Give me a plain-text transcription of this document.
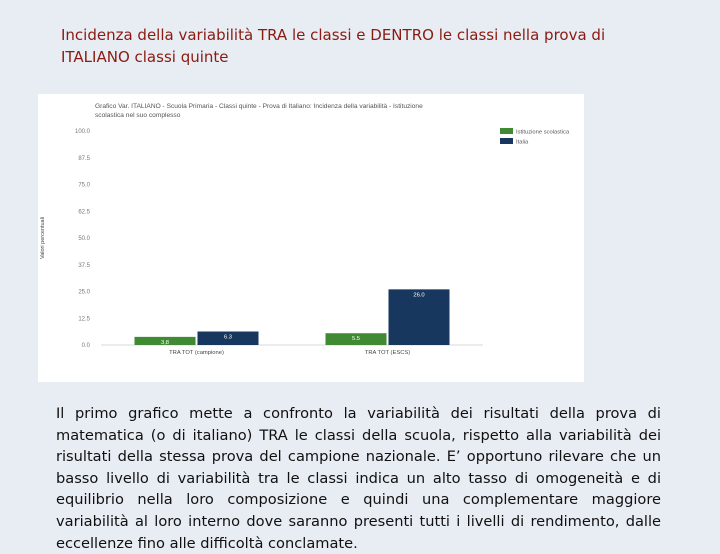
Incidenza della variabilità TRA le classi e DENTRO le classi nella prova di ITALIANO classi quinte
Grafico Var. ITALIANO - Scuola Primaria - Classi quinte - Prova di Italiano: Incidenza della variabilità - Istituzione
scolastica nel suo complesso
Valori percentuali
0.0
12.5
25.0
37.5
50.0
62.5
75.0
87.5
100.0
3,8
6.3
TRA TOT (campione)
5.5
26.0
TRA TOT (ESCS)
Istituzione scolastica
Italia
Il primo grafico mette a confronto la variabilità dei risultati della prova di matematica (o di italiano) TRA le classi della scuola, rispetto alla variabilità dei risultati della stessa prova del campione nazionale. E’ opportuno rilevare che un basso livello di variabilità tra le classi indica un alto tasso di omogeneità e di equilibrio nella loro composizione e quindi una complementare maggiore variabilità al loro interno dove saranno presenti tutti i livelli di rendimento, dalle eccellenze fino alle difficoltà conclamate.
